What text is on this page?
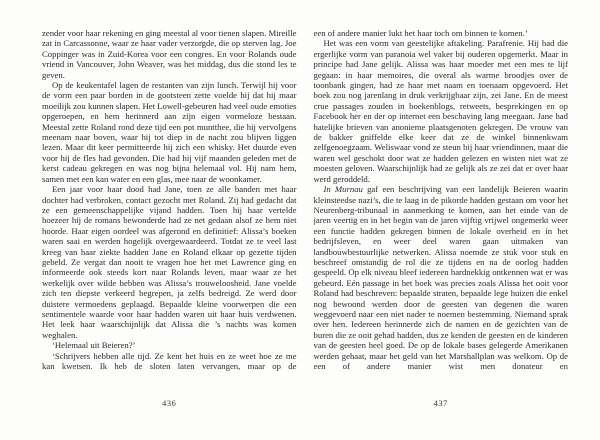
zender voor haar rekening en ging meestal al voor tienen slapen. Mireille zat in Carcassonne, waar ze haar vader verzorgde, die op sterven lag. Joe Coppinger was in Zuid-Korea voor een congres. En voor Rolands oude vriend in Vancouver, John Weaver, was het middag, dus die stond les te geven.

Op de keukentafel lagen de restanten van zijn lunch. Terwijl hij voor de vorm een paar borden in de gootsteen zette voelde hij dat hij maar moeilijk zou kunnen slapen. Het Lowell-gebeuren had veel oude emoties opgeroepen, en hem herinnerd aan zijn eigen vormeloze bestaan. Meestal zette Roland rond deze tijd een pot muntthee, die hij vervolgens meenam naar boven, waar hij tot diep in de nacht zou blijven liggen lezen. Maar dit keer permitteerde hij zich een whisky. Het duurde even voor hij de fles had gevonden. Die had hij vijf maanden geleden met de kerst cadeau gekregen en was nog bijna helemaal vol. Hij nam hem, samen met een kan water en een glas, mee naar de woonkamer.

Een jaar voor haar dood had Jane, toen ze alle banden met haar dochter had verbroken, contact gezocht met Roland. Zij had gedacht dat ze een gemeenschappelijke vijand hadden. Toen hij haar vertelde hoezeer hij de romans bewonderde had ze net gedaan alsof ze hem niet hoorde. Haar eigen oordeel was afgerond en definitief: Alissa’s boeken waren saai en werden hogelijk overgewaardeerd. Totdat ze te veel last kreeg van haar ziekte hadden Jane en Roland elkaar op gezette tijden gebeld. Ze vergat dan nooit te vragen hoe het met Lawrence ging en informeerde ook steeds kort naar Rolands leven, maar waar ze het werkelijk over wilde hebben was Alissa’s trouweloosheid. Jane voelde zich ten diepste verkeerd begrepen, ja zelfs bedreigd. Ze werd door duistere vermoedens geplaagd. Bepaalde kleine voorwerpen die een sentimentele waarde voor haar hadden waren uit haar huis verdwenen. Het leek haar waarschijnlijk dat Alissa die ’s nachts was komen weghalen.

‘Helemaal uit Beieren?’

‘Schrijvers hebben alle tijd. Ze kent het huis en ze weet hoe ze me kan kwetsen. Ik heb de sloten laten vervangen, maar op de

436

een of andere manier lukt het haar toch om binnen te komen.’

Het was een vorm van geestelijke aftakeling. Parafrenie. Hij had die ergerlijke vorm van paranoia wel vaker bij ouderen opgemerkt. Maar in principe had Jane gelijk. Alissa was haar moeder met een mes te lijf gegaan: in haar memoires, die overal als warme broodjes over de toonbank gingen, had ze haar met naam en toenaam opgevoerd. Het boek zou nog jarenlang in druk verkrijgbaar zijn, zei Jane. En de meest crue passages zouden in boekenblogs, retweets, besprekingen en op Facebook her en der op internet een beschaving lang meegaan. Jane had hatelijke brieven van anonieme plaatsgenoten gekregen. De vrouw van de bakker gniffelde elke keer dat ze de winkel binnenkwam zelfgenoegzaam. Weliswaar vond ze steun bij haar vriendinnen, maar die waren wel geschokt door wat ze hadden gelezen en wisten niet wat ze moesten geloven. Waarschijnlijk had ze gelijk als ze zei dat er over haar werd geroddeld.

In Murnau gaf een beschrijving van een landelijk Beieren waarin kleinsteedse nazi’s, die te laag in de pikorde hadden gestaan om voor het Neurenberg-tribunaal in aanmerking te komen, aan het einde van de jaren veertig en in het begin van de jaren vijftig vrijwel ongemerkt weer een functie hadden gekregen binnen de lokale overheid en in het bedrijfsleven, en weer deel waren gaan uitmaken van landbouwbestuurlijke netwerken. Alissa noemde ze stuk voor stuk en beschreef omstandig de rol die ze tijdens en na de oorlog hadden gespeeld. Op elk niveau bleef iedereen hardnekkig ontkennen wat er was gebeurd. Eén passage in het boek was precies zoals Alissa het ooit voor Roland had beschreven: bepaalde straten, bepaalde lege huizen die enkel nog bewoond werden door de geesten van degenen die waren weggevoerd naar een niet nader te noemen bestemming. Niemand sprak over hen. Iedereen herinnerde zich de namen en de gezichten van de buren die ze ooit gehad hadden, dus ze kenden de geesten en de kinderen van de geesten heel goed. De op de lokale bases gelegerde Amerikanen werden gehaat, maar het geld van het Marshallplan was welkom. Op de een of andere manier wist men donateur en

437
